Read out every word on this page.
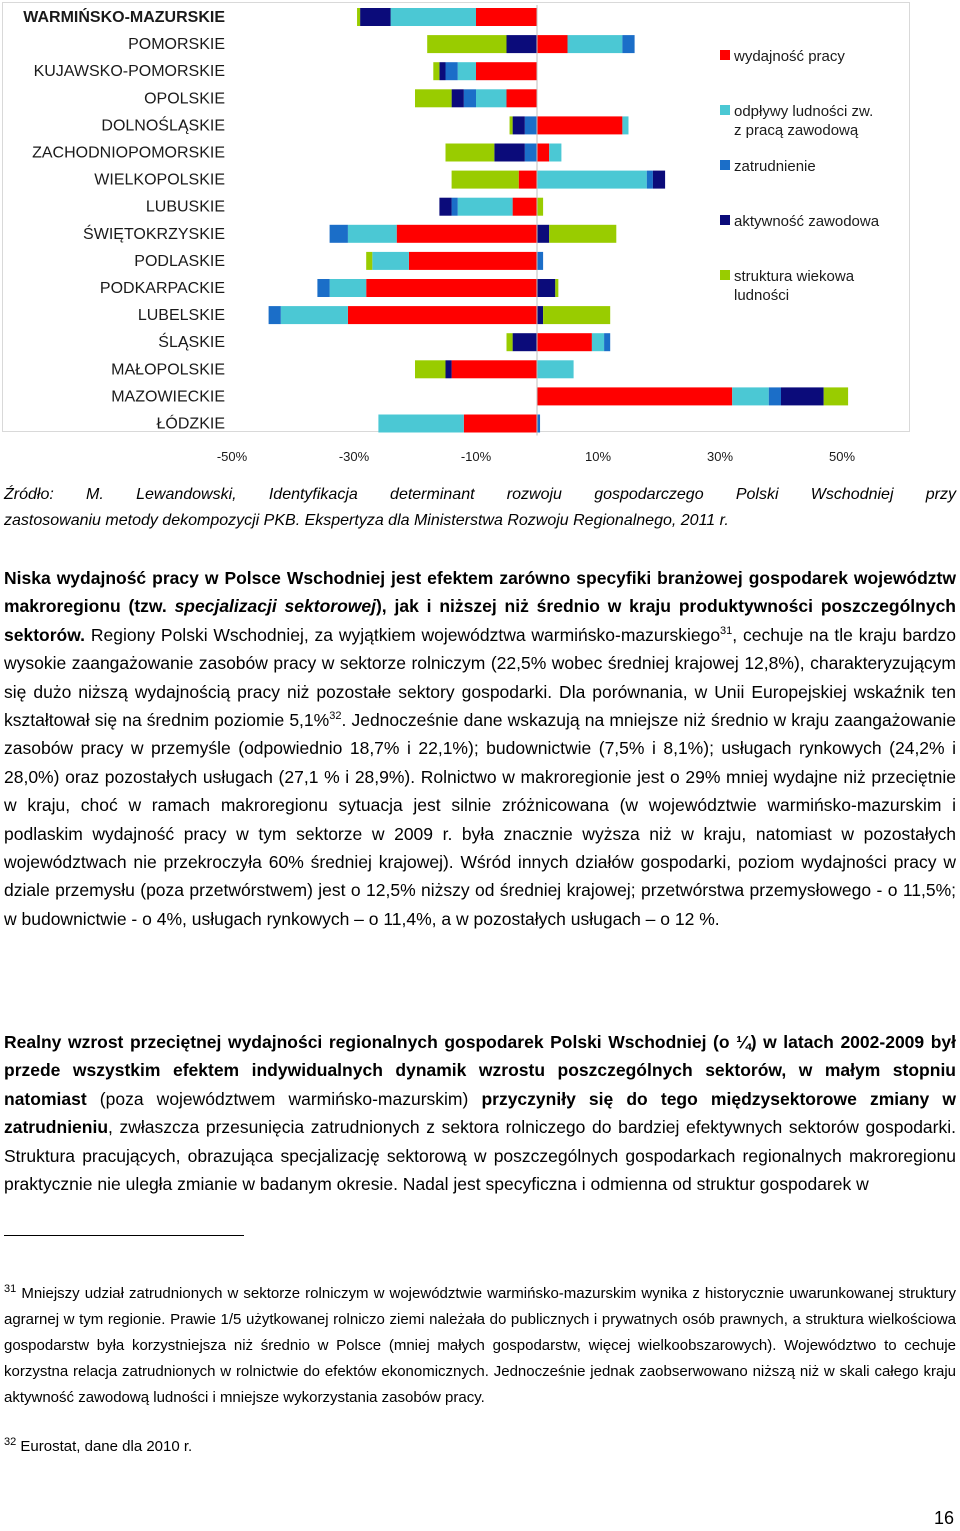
WARMIŃSKO-MAZURSKIE
POMORSKIE
KUJAWSKO-POMORSKIE
OPOLSKIE
DOLNOŚLĄSKIE
ZACHODNIOPOMORSKIE
WIELKOPOLSKIE
LUBUSKIE
ŚWIĘTOKRZYSKIE
PODLASKIE
PODKARPACKIE
LUBELSKIE
ŚLĄSKIE
MAŁOPOLSKIE
MAZOWIECKIE
ŁÓDZKIE
-50%	-30%	-10%	10%	30%	50%
wydajność pracy
odpływy ludności zw.
z pracą zawodową
zatrudnienie
aktywność zawodowa
struktura wiekowa
ludności
Źródło: M. Lewandowski, Identyfikacja determinant rozwoju gospodarczego Polski Wschodniej przy
zastosowaniu metody dekompozycji PKB. Ekspertyza dla Ministerstwa Rozwoju Regionalnego, 2011 r.
Niska wydajność pracy w Polsce Wschodniej jest efektem zarówno specyfiki branżowej gospodarek województw makroregionu (tzw. specjalizacji sektorowej), jak i niższej niż średnio w kraju produktywności poszczególnych sektorów. Regiony Polski Wschodniej, za wyjątkiem województwa warmińsko-mazurskiego$^{31}$, cechuje na tle kraju bardzo wysokie zaangażowanie zasobów pracy w sektorze rolniczym (22,5% wobec średniej krajowej 12,8%), charakteryzującym się dużo niższą wydajnością pracy niż pozostałe sektory gospodarki. Dla porównania, w Unii Europejskiej wskaźnik ten kształtował się na średnim poziomie 5,1%$^{32}$. Jednocześnie dane wskazują na mniejsze niż średnio w kraju zaangażowanie zasobów pracy w przemyśle (odpowiednio 18,7% i 22,1%); budownictwie (7,5% i 8,1%); usługach rynkowych (24,2% i 28,0%) oraz pozostałych usługach (27,1 % i 28,9%). Rolnictwo w makroregionie jest o 29% mniej wydajne niż przeciętnie w kraju, choć w ramach makroregionu sytuacja jest silnie zróżnicowana (w województwie warmińsko-mazurskim i podlaskim wydajność pracy w tym sektorze w 2009 r. była znacznie wyższa niż w kraju, natomiast w pozostałych województwach nie przekroczyła 60% średniej krajowej). Wśród innych działów gospodarki, poziom wydajności pracy w dziale przemysłu (poza przetwórstwem) jest o 12,5% niższy od średniej krajowej; przetwórstwa przemysłowego - o 11,5%; w budownictwie - o 4%, usługach rynkowych – o 11,4%, a w pozostałych usługach – o 12 %.
Realny wzrost przeciętnej wydajności regionalnych gospodarek Polski Wschodniej (o ¼) w latach 2002-2009 był przede wszystkim efektem indywidualnych dynamik wzrostu poszczególnych sektorów, w małym stopniu natomiast (poza województwem warmińsko-mazurskim) przyczyniły się do tego międzysektorowe zmiany w zatrudnieniu, zwłaszcza przesunięcia zatrudnionych z sektora rolniczego do bardziej efektywnych sektorów gospodarki. Struktura pracujących, obrazująca specjalizację sektorową w poszczególnych gospodarkach regionalnych makroregionu praktycznie nie uległa zmianie w badanym okresie. Nadal jest specyficzna i odmienna od struktur gospodarek w
$^{31}$ Mniejszy udział zatrudnionych w sektorze rolniczym w województwie warmińsko-mazurskim wynika z historycznie uwarunkowanej struktury agrarnej w tym regionie. Prawie 1/5 użytkowanej rolniczo ziemi należała do publicznych i prywatnych osób prawnych, a struktura wielkościowa gospodarstw była korzystniejsza niż średnio w Polsce (mniej małych gospodarstw, więcej wielkoobszarowych). Województwo to cechuje korzystna relacja zatrudnionych w rolnictwie do efektów ekonomicznych. Jednocześnie jednak zaobserwowano niższą niż w skali całego kraju aktywność zawodową ludności i mniejsze wykorzystania zasobów pracy.
$^{32}$ Eurostat, dane dla 2010 r.
16
